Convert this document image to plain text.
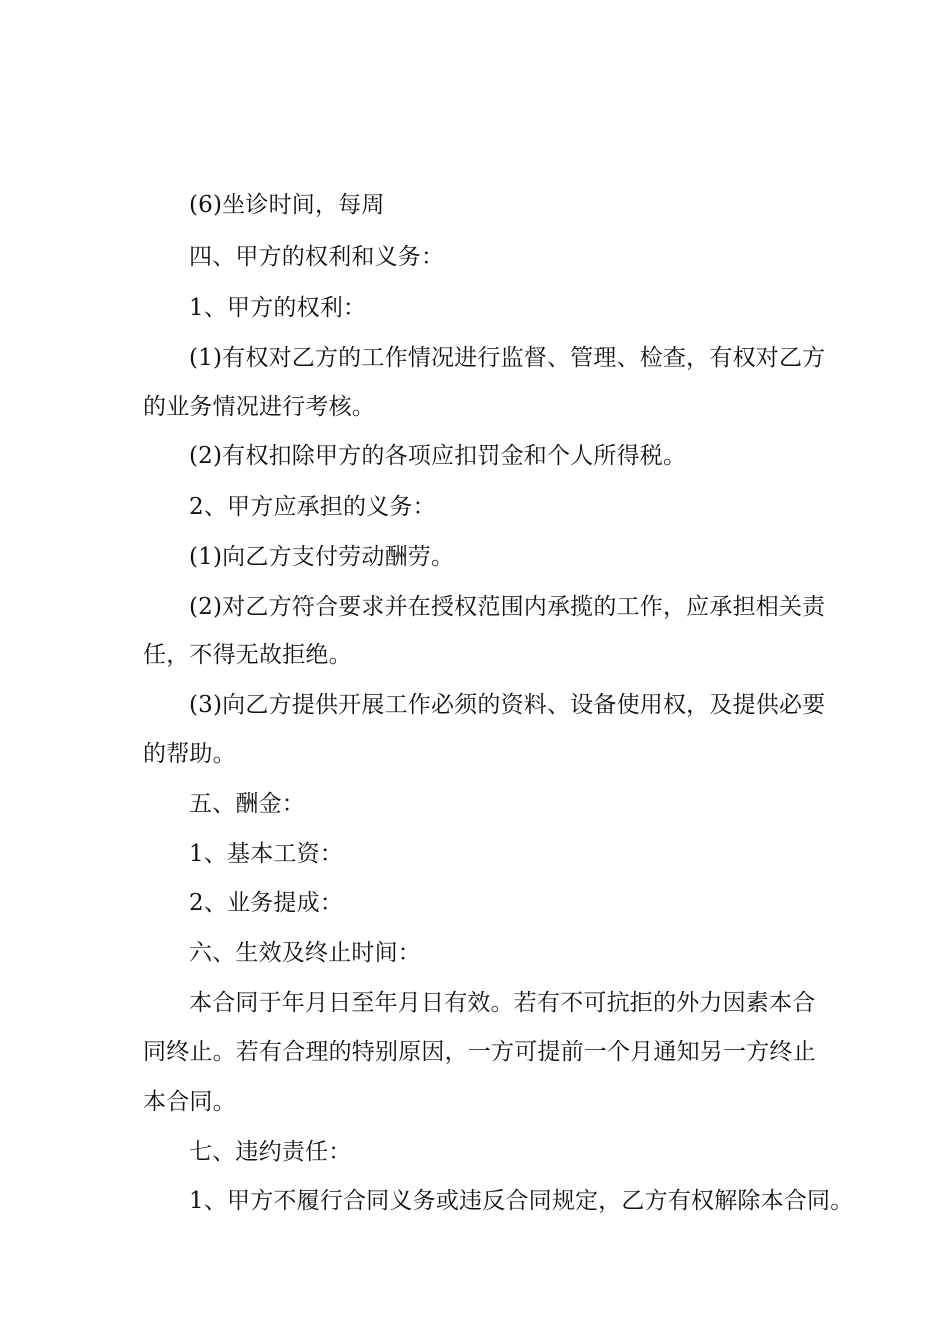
(6)坐诊时间，每周

四、甲方的权利和义务：

1、甲方的权利：

(1)有权对乙方的工作情况进行监督、管理、检查，有权对乙方

的业务情况进行考核。

(2)有权扣除甲方的各项应扣罚金和个人所得税。

2、甲方应承担的义务：

(1)向乙方支付劳动酬劳。

(2)对乙方符合要求并在授权范围内承揽的工作，应承担相关责

任，不得无故拒绝。

(3)向乙方提供开展工作必须的资料、设备使用权，及提供必要

的帮助。

五、酬金：

1、基本工资：

2、业务提成：

六、生效及终止时间：

本合同于年月日至年月日有效。若有不可抗拒的外力因素本合

同终止。若有合理的特别原因，一方可提前一个月通知另一方终止

本合同。

七、违约责任：

1、甲方不履行合同义务或违反合同规定，乙方有权解除本合同。
